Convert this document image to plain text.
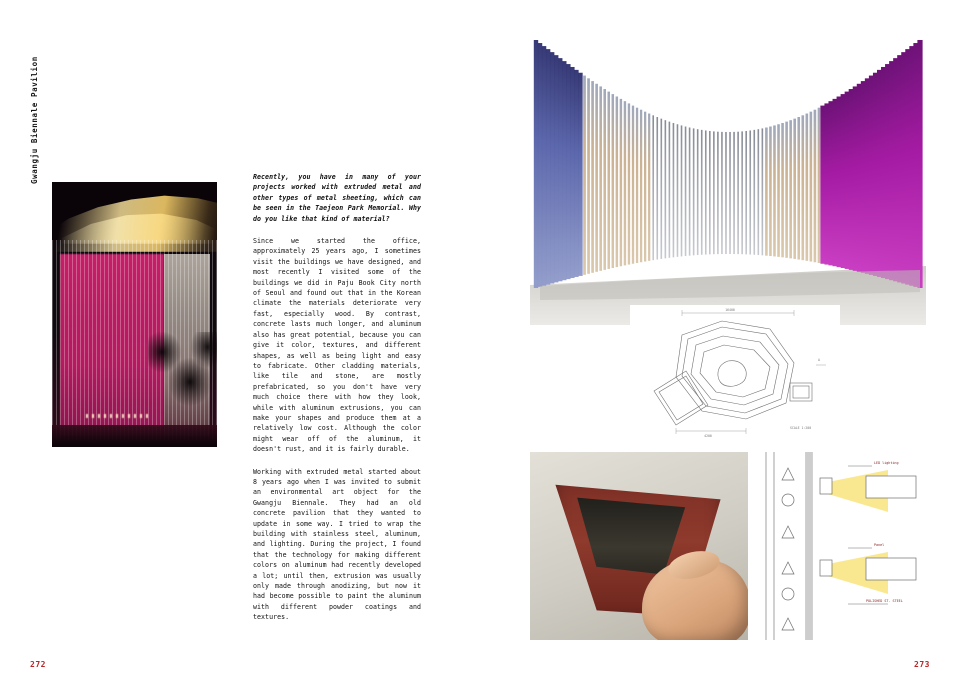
Gwangju Biennale Pavilion	Recently, you have in many of your projects worked with extruded metal and other types of metal sheeting, which can be seen in the Taejeon Park Memorial. Why do you like that kind of material?

Since we started the office, approximately 25 years ago, I sometimes visit the buildings we have designed, and most recently I visited some of the buildings we did in Paju Book City north of Seoul and found out that in the Korean climate the materials deteriorate very fast, especially wood. By contrast, concrete lasts much longer, and aluminum also has great potential, because you can give it color, textures, and different shapes, as well as being light and easy to fabricate. Other cladding materials, like tile and stone, are mostly prefabricated, so you don't have very much choice there with how they look, while with aluminum extrusions, you can make your shapes and produce them at a relatively low cost. Although the color might wear off of the aluminum, it doesn't rust, and it is fairly durable.

Working with extruded metal started about 8 years ago when I was invited to submit an environmental art object for the Gwangju Biennale. They had an old concrete pavilion that they wanted to update in some way. I tried to wrap the building with stainless steel, aluminum, and lighting. During the project, I found that the technology for making different colors on aluminum had recently developed a lot; until then, extrusion was usually only made through anodizing, but now it had become possible to paint the aluminum with different powder coatings and textures.

16400
4200
A
SCALE 1:200
LED lighting
Panel
POLISHED ST. STEEL
272	273
